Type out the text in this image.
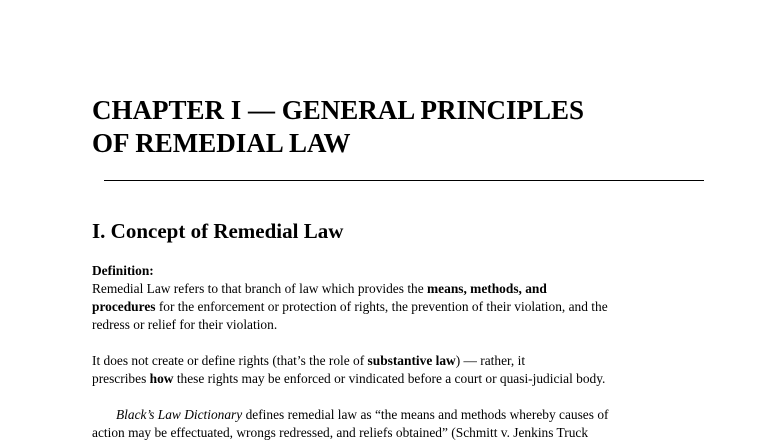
CHAPTER I — GENERAL PRINCIPLES
OF REMEDIAL LAW
I. Concept of Remedial Law
Definition:
Remedial Law refers to that branch of law which provides the means, methods, and
procedures for the enforcement or protection of rights, the prevention of their violation, and the
redress or relief for their violation.
It does not create or define rights (that’s the role of substantive law) — rather, it
prescribes how these rights may be enforced or vindicated before a court or quasi-judicial body.
Black’s Law Dictionary defines remedial law as “the means and methods whereby causes of
action may be effectuated, wrongs redressed, and reliefs obtained” (Schmitt v. Jenkins Truck
